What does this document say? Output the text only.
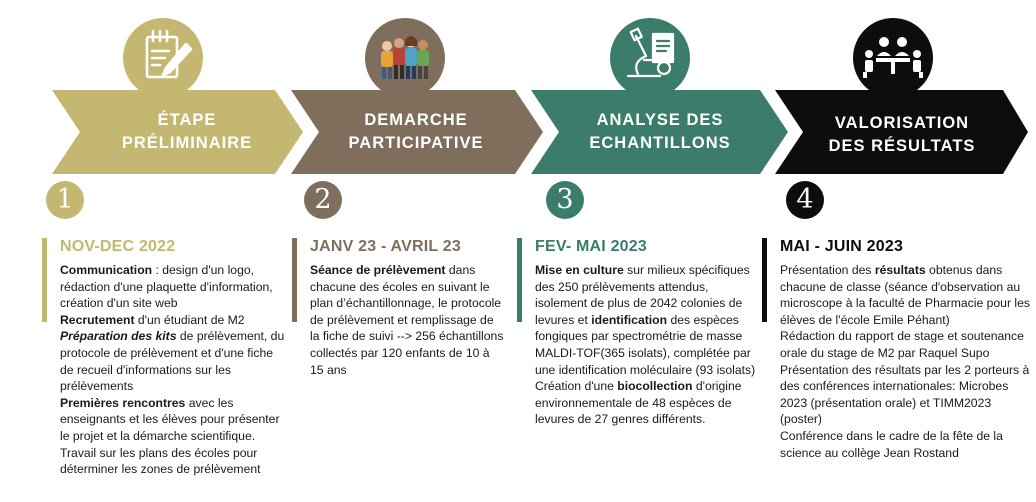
ÉTAPE
PRÉLIMINAIRE
DEMARCHE
PARTICIPATIVE
ANALYSE DES
ECHANTILLONS
VALORISATION
DES RÉSULTATS
1	2	3	4
NOV-DEC 2022

Communication : design d'un logo, rédaction d'une plaquette d'information, création d'un site web

Recrutement d'un étudiant de M2

Préparation des kits de prélèvement, du protocole de prélèvement et d'une fiche de recueil d'informations sur les prélèvements

Premières rencontres avec les enseignants et les élèves pour présenter le projet et la démarche scientifique. Travail sur les plans des écoles pour déterminer les zones de prélèvement

JANV 23 - AVRIL 23

Séance de prélèvement dans chacune des écoles en suivant le plan d’échantillonnage, le protocole de prélèvement et remplissage de la fiche de suivi --> 256 échantillons collectés par 120 enfants de 10 à 15 ans

FEV- MAI 2023

Mise en culture sur milieux spécifiques des 250 prélèvements attendus, isolement de plus de 2042 colonies de levures et identification des espèces fongiques par spectrométrie de masse MALDI-TOF(365 isolats), complétée par une identification moléculaire (93 isolats)

Création d'une biocollection d'origine environnementale de 48 espèces de levures de 27 genres différents.

MAI - JUIN 2023

Présentation des résultats obtenus dans chacune de classe (séance d'observation au microscope à la faculté de Pharmacie pour les élèves de l'école Emile Péhant)

Rédaction du rapport de stage et soutenance orale du stage de M2 par Raquel Supo

Présentation des résultats par les 2 porteurs à des conférences internationales: Microbes 2023 (présentation orale) et TIMM2023 (poster)

Conférence dans le cadre de la fête de la science au collège Jean Rostand
